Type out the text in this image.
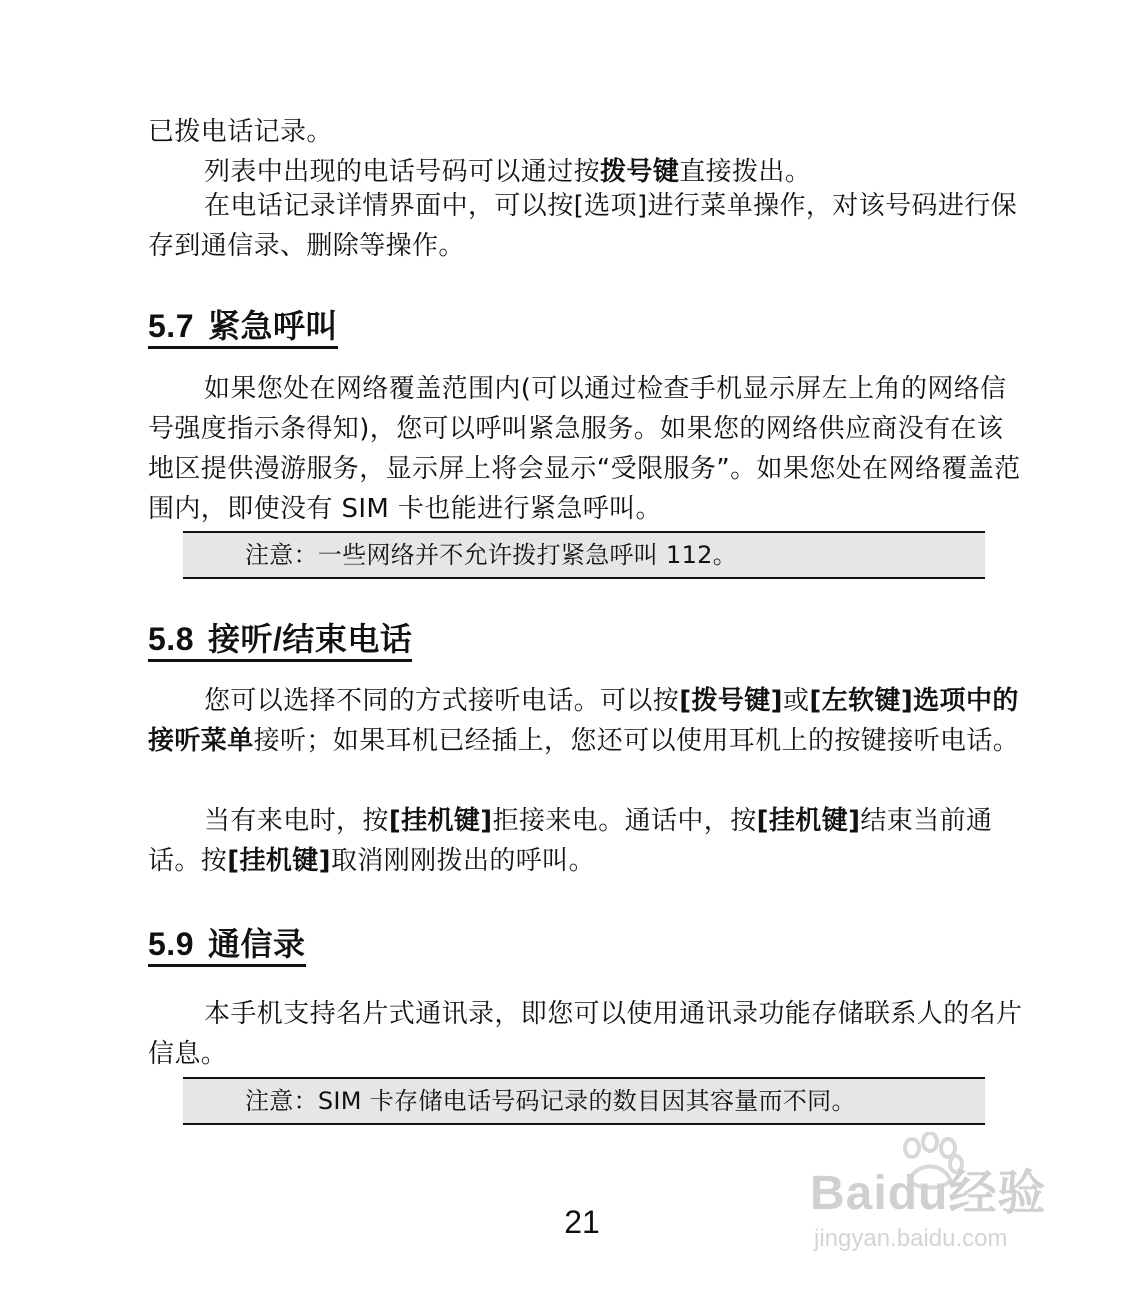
已拨电话记录。

列表中出现的电话号码可以通过按拨号键直接拨出。

在电话记录详情界面中，可以按[选项]进行菜单操作，对该号码进行保存到通信录、删除等操作。

5.7 紧急呼叫

如果您处在网络覆盖范围内(可以通过检查手机显示屏左上角的网络信号强度指示条得知)，您可以呼叫紧急服务。如果您的网络供应商没有在该地区提供漫游服务，显示屏上将会显示“受限服务”。如果您处在网络覆盖范围内，即使没有 SIM 卡也能进行紧急呼叫。

注意：一些网络并不允许拨打紧急呼叫 112。
5.8 接听/结束电话

您可以选择不同的方式接听电话。可以按[拨号键]或[左软键]选项中的接听菜单接听；如果耳机已经插上，您还可以使用耳机上的按键接听电话。

当有来电时，按[挂机键]拒接来电。通话中，按[挂机键]结束当前通话。按[挂机键]取消刚刚拨出的呼叫。

5.9 通信录

本手机支持名片式通讯录，即您可以使用通讯录功能存储联系人的名片信息。

注意：SIM 卡存储电话号码记录的数目因其容量而不同。
21
Baidu经验
jingyan.baidu.com
